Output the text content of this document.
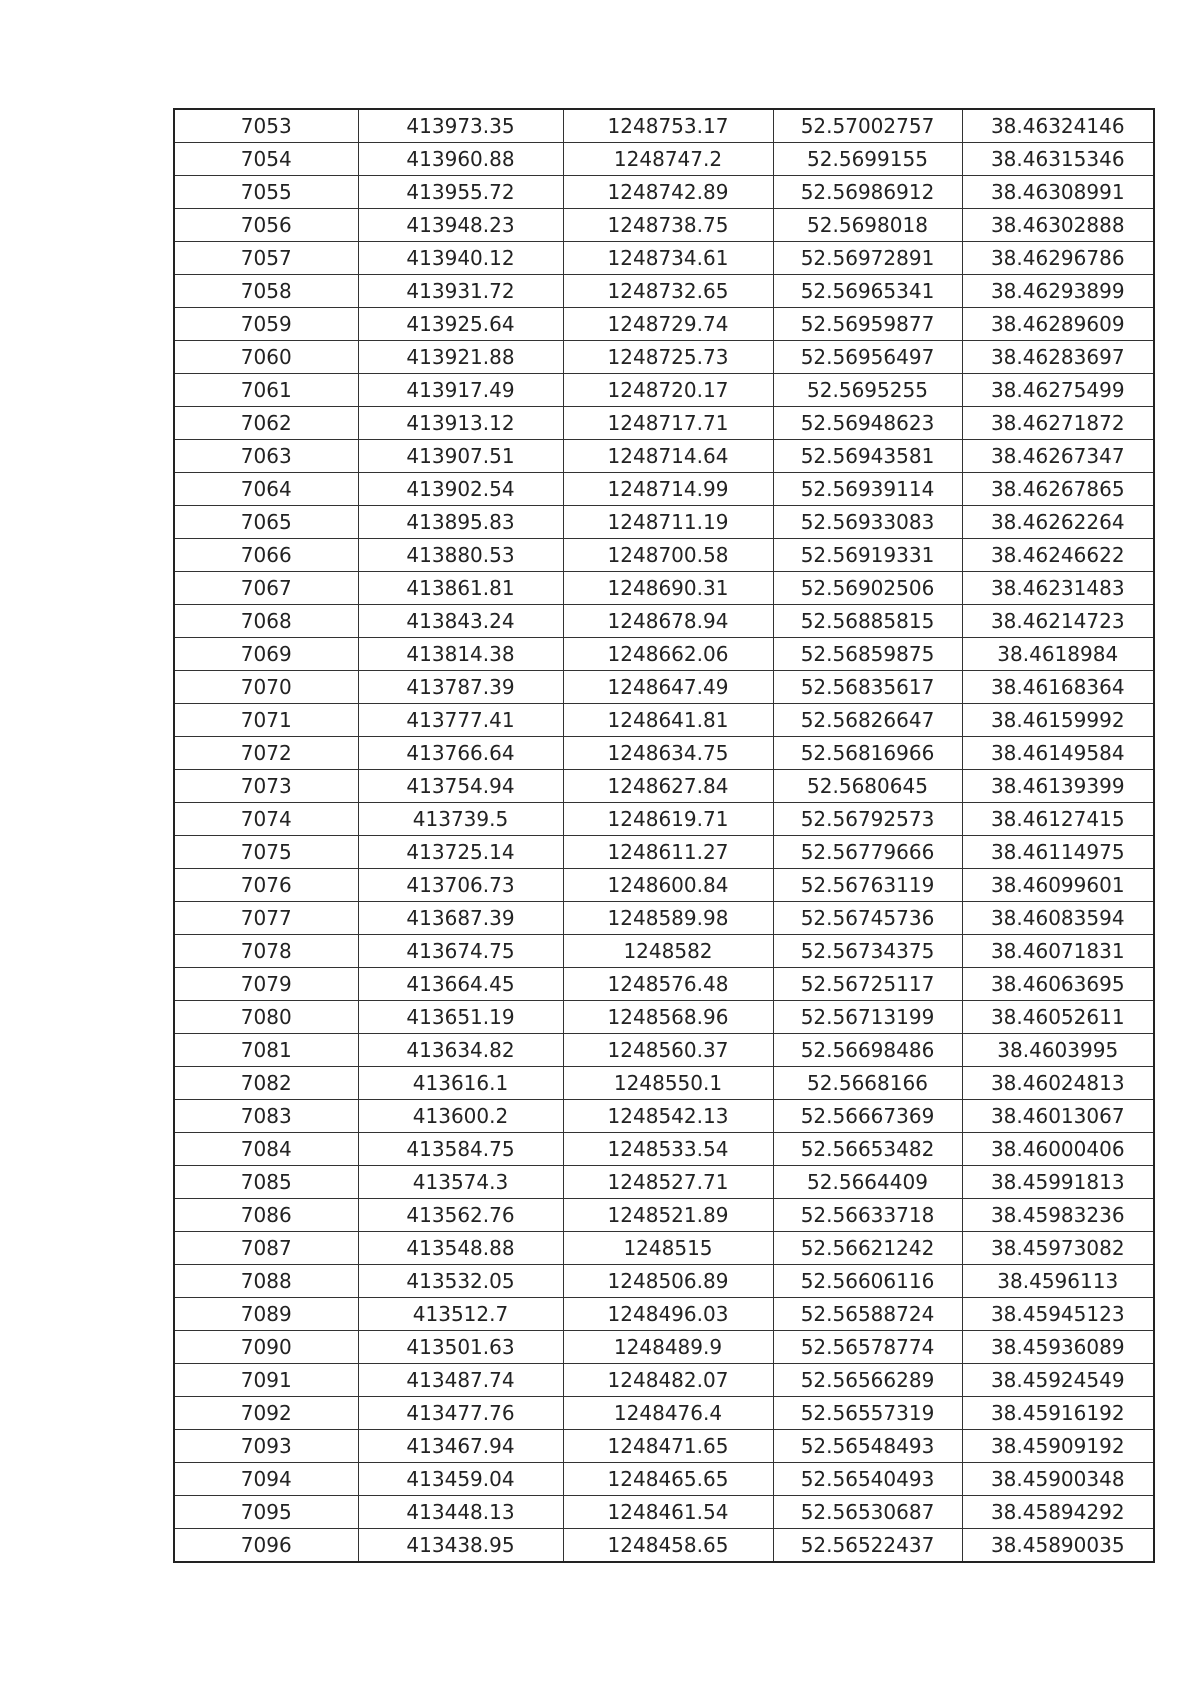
7053	413973.35	1248753.17	52.57002757	38.46324146
7054	413960.88	1248747.2	52.5699155	38.46315346
7055	413955.72	1248742.89	52.56986912	38.46308991
7056	413948.23	1248738.75	52.5698018	38.46302888
7057	413940.12	1248734.61	52.56972891	38.46296786
7058	413931.72	1248732.65	52.56965341	38.46293899
7059	413925.64	1248729.74	52.56959877	38.46289609
7060	413921.88	1248725.73	52.56956497	38.46283697
7061	413917.49	1248720.17	52.5695255	38.46275499
7062	413913.12	1248717.71	52.56948623	38.46271872
7063	413907.51	1248714.64	52.56943581	38.46267347
7064	413902.54	1248714.99	52.56939114	38.46267865
7065	413895.83	1248711.19	52.56933083	38.46262264
7066	413880.53	1248700.58	52.56919331	38.46246622
7067	413861.81	1248690.31	52.56902506	38.46231483
7068	413843.24	1248678.94	52.56885815	38.46214723
7069	413814.38	1248662.06	52.56859875	38.4618984
7070	413787.39	1248647.49	52.56835617	38.46168364
7071	413777.41	1248641.81	52.56826647	38.46159992
7072	413766.64	1248634.75	52.56816966	38.46149584
7073	413754.94	1248627.84	52.5680645	38.46139399
7074	413739.5	1248619.71	52.56792573	38.46127415
7075	413725.14	1248611.27	52.56779666	38.46114975
7076	413706.73	1248600.84	52.56763119	38.46099601
7077	413687.39	1248589.98	52.56745736	38.46083594
7078	413674.75	1248582	52.56734375	38.46071831
7079	413664.45	1248576.48	52.56725117	38.46063695
7080	413651.19	1248568.96	52.56713199	38.46052611
7081	413634.82	1248560.37	52.56698486	38.4603995
7082	413616.1	1248550.1	52.5668166	38.46024813
7083	413600.2	1248542.13	52.56667369	38.46013067
7084	413584.75	1248533.54	52.56653482	38.46000406
7085	413574.3	1248527.71	52.5664409	38.45991813
7086	413562.76	1248521.89	52.56633718	38.45983236
7087	413548.88	1248515	52.56621242	38.45973082
7088	413532.05	1248506.89	52.56606116	38.4596113
7089	413512.7	1248496.03	52.56588724	38.45945123
7090	413501.63	1248489.9	52.56578774	38.45936089
7091	413487.74	1248482.07	52.56566289	38.45924549
7092	413477.76	1248476.4	52.56557319	38.45916192
7093	413467.94	1248471.65	52.56548493	38.45909192
7094	413459.04	1248465.65	52.56540493	38.45900348
7095	413448.13	1248461.54	52.56530687	38.45894292
7096	413438.95	1248458.65	52.56522437	38.45890035
